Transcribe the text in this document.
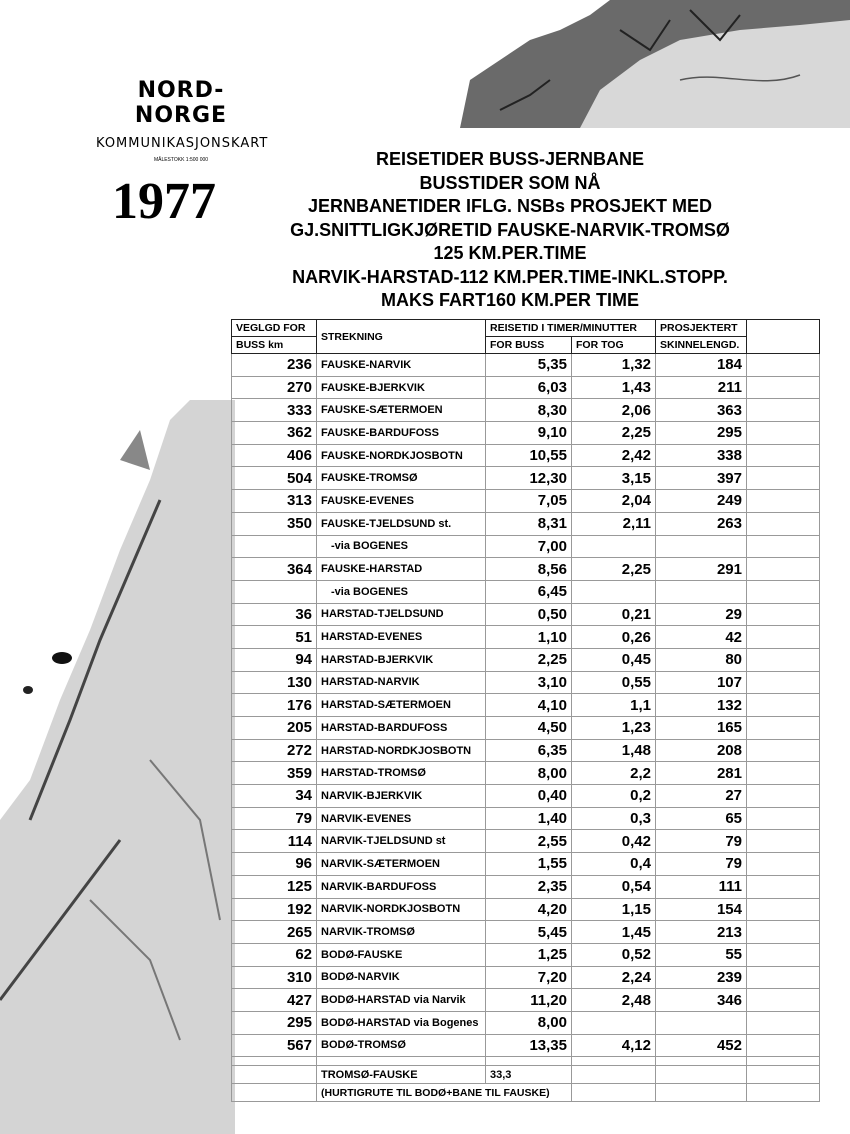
NORD-NORGE
KOMMUNIKASJONSKART
MÅLESTOKK 1:500 000
1977
REISETIDER BUSS-JERNBANE
BUSSTIDER SOM NÅ
JERNBANETIDER IFLG. NSBs PROSJEKT MED
GJ.SNITTLIGKJØRETID FAUSKE-NARVIK-TROMSØ
125 KM.PER.TIME
NARVIK-HARSTAD-112 KM.PER.TIME-INKL.STOPP.
MAKS FART160 KM.PER TIME
VEGLGD FOR	STREKNING	REISETID I TIMER/MINUTTER		PROSJEKTERT	
BUSS km		FOR BUSS	FOR TOG	SKINNELENGD.	
236	FAUSKE-NARVIK	5,35	1,32	184	
270	FAUSKE-BJERKVIK	6,03	1,43	211	
333	FAUSKE-SÆTERMOEN	8,30	2,06	363	
362	FAUSKE-BARDUFOSS	9,10	2,25	295	
406	FAUSKE-NORDKJOSBOTN	10,55	2,42	338	
504	FAUSKE-TROMSØ	12,30	3,15	397	
313	FAUSKE-EVENES	7,05	2,04	249	
350	FAUSKE-TJELDSUND st.	8,31	2,11	263	
	-via BOGENES	7,00			
364	FAUSKE-HARSTAD	8,56	2,25	291	
	-via BOGENES	6,45			
36	HARSTAD-TJELDSUND	0,50	0,21	29	
51	HARSTAD-EVENES	1,10	0,26	42	
94	HARSTAD-BJERKVIK	2,25	0,45	80	
130	HARSTAD-NARVIK	3,10	0,55	107	
176	HARSTAD-SÆTERMOEN	4,10	1,1	132	
205	HARSTAD-BARDUFOSS	4,50	1,23	165	
272	HARSTAD-NORDKJOSBOTN	6,35	1,48	208	
359	HARSTAD-TROMSØ	8,00	2,2	281	
34	NARVIK-BJERKVIK	0,40	0,2	27	
79	NARVIK-EVENES	1,40	0,3	65	
114	NARVIK-TJELDSUND st	2,55	0,42	79	
96	NARVIK-SÆTERMOEN	1,55	0,4	79	
125	NARVIK-BARDUFOSS	2,35	0,54	111	
192	NARVIK-NORDKJOSBOTN	4,20	1,15	154	
265	NARVIK-TROMSØ	5,45	1,45	213	
62	BODØ-FAUSKE	1,25	0,52	55	
310	BODØ-NARVIK	7,20	2,24	239	
427	BODØ-HARSTAD via Narvik	11,20	2,48	346	
295	BODØ-HARSTAD via Bogenes	8,00			
567	BODØ-TROMSØ	13,35	4,12	452	

	TROMSØ-FAUSKE	33,3			
	(HURTIGRUTE TIL BODØ+BANE TIL FAUSKE)				
